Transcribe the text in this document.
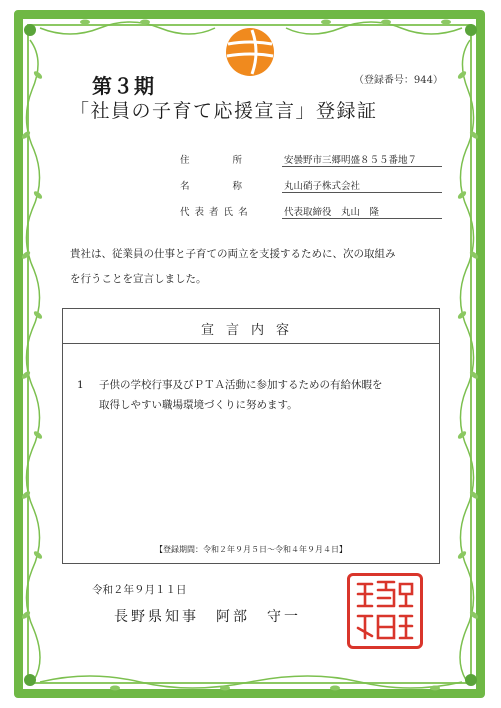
（登録番号：944）
第３期
「社員の子育て応援宣言」登録証
住　　　　所	安曇野市三郷明盛８５５番地７
名　　　　称	丸山硝子株式会社
代 表 者 氏 名	代表取締役　丸山　隆
貴社は、従業員の仕事と子育ての両立を支援するために、次の取組み
を行うことを宣言しました。
宣言内容
1 子供の学校行事及びＰＴＡ活動に参加するための有給休暇を
取得しやすい職場環境づくりに努めます。
【登録期間：令和２年９月５日～令和４年９月４日】
令和２年９月１１日
長野県知事　阿部　守一
